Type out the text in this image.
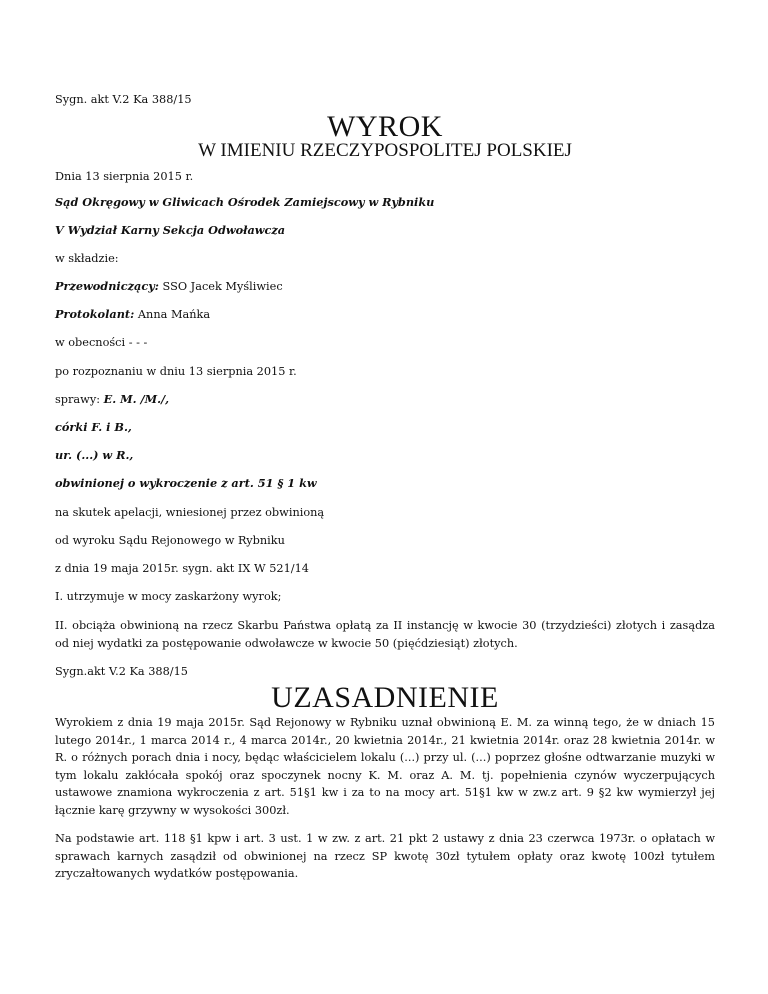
Sygn. akt V.2 Ka 388/15
WYROK
W IMIENIU RZECZYPOSPOLITEJ POLSKIEJ
Dnia 13 sierpnia 2015 r.
Sąd Okręgowy w Gliwicach Ośrodek Zamiejscowy w Rybniku
V Wydział Karny Sekcja Odwoławcza
w składzie:
Przewodniczący: SSO Jacek Myśliwiec
Protokolant: Anna Mańka
w obecności - - -
po rozpoznaniu w dniu 13 sierpnia 2015 r.
sprawy: E. M. /M./,
córki F. i B.,
ur. (...) w R.,
obwinionej o wykroczenie z art. 51 § 1 kw
na skutek apelacji, wniesionej przez obwinioną
od wyroku Sądu Rejonowego w Rybniku
z dnia 19 maja 2015r. sygn. akt IX W 521/14
I. utrzymuje w mocy zaskarżony wyrok;
II. obciąża obwinioną na rzecz Skarbu Państwa opłatą za II instancję w kwocie 30 (trzydzieści) złotych i zasądza od niej wydatki za postępowanie odwoławcze w kwocie 50 (pięćdziesiąt) złotych.
Sygn.akt V.2 Ka 388/15
UZASADNIENIE
Wyrokiem z dnia 19 maja 2015r. Sąd Rejonowy w Rybniku uznał obwinioną E. M. za winną tego, że w dniach 15 lutego 2014r., 1 marca 2014 r., 4 marca 2014r., 20 kwietnia 2014r., 21 kwietnia 2014r. oraz 28 kwietnia 2014r. w R. o różnych porach dnia i nocy, będąc właścicielem lokalu (...) przy ul. (...) poprzez głośne odtwarzanie muzyki w tym lokalu zakłócała spokój oraz spoczynek nocny K. M. oraz A. M. tj. popełnienia czynów wyczerpujących ustawowe znamiona wykroczenia z art. 51§1 kw i za to na mocy art. 51§1 kw w zw.z art. 9 §2 kw wymierzył jej łącznie karę grzywny w wysokości 300zł.
Na podstawie art. 118 §1 kpw i art. 3 ust. 1 w zw. z art. 21 pkt 2 ustawy z dnia 23 czerwca 1973r. o opłatach w sprawach karnych zasądził od obwinionej na rzecz SP kwotę 30zł tytułem opłaty oraz kwotę 100zł tytułem zryczałtowanych wydatków postępowania.
